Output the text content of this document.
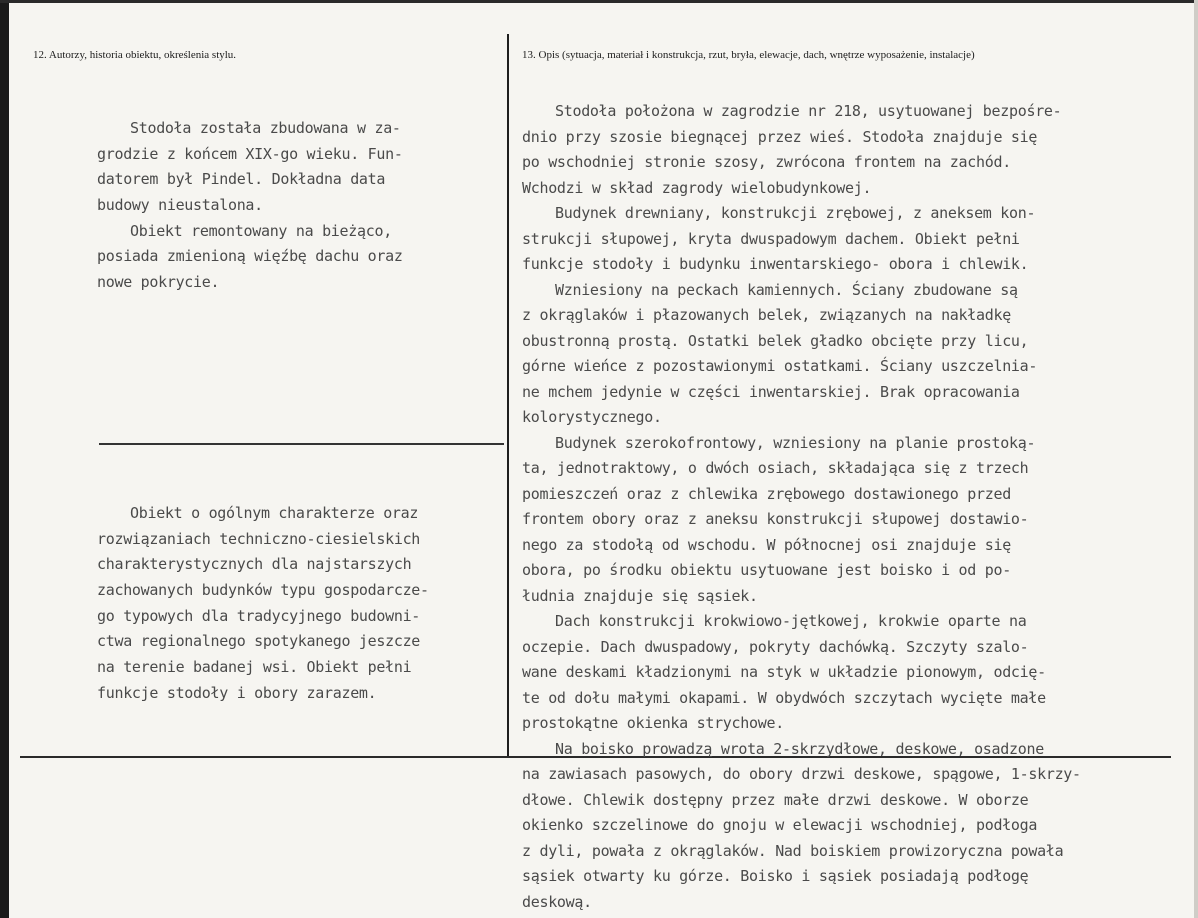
12. Autorzy, historia obiektu, określenia stylu.	13. Opis (sytuacja, materiał i konstrukcja, rzut, bryła, elewacje, dach, wnętrze wyposażenie, instalacje)
Stodoła została zbudowana w za-
grodzie z końcem XIX-go wieku. Fun-
datorem był Pindel. Dokładna data
budowy nieustalona.
Obiekt remontowany na bieżąco,
posiada zmienioną więźbę dachu oraz
nowe pokrycie.
Obiekt o ogólnym charakterze oraz
rozwiązaniach techniczno-ciesielskich
charakterystycznych dla najstarszych
zachowanych budynków typu gospodarcze-
go typowych dla tradycyjnego budowni-
ctwa regionalnego spotykanego jeszcze
na terenie badanej wsi. Obiekt pełni
funkcje stodoły i obory zarazem.
Stodoła położona w zagrodzie nr 218, usytuowanej bezpośre-
dnio przy szosie biegnącej przez wieś. Stodoła znajduje się
po wschodniej stronie szosy, zwrócona frontem na zachód.
Wchodzi w skład zagrody wielobudynkowej.
Budynek drewniany, konstrukcji zrębowej, z aneksem kon-
strukcji słupowej, kryta dwuspadowym dachem. Obiekt pełni
funkcje stodoły i budynku inwentarskiego- obora i chlewik.
Wzniesiony na peckach kamiennych. Ściany zbudowane są
z okrąglaków i płazowanych belek, związanych na nakładkę
obustronną prostą. Ostatki belek gładko obcięte przy licu,
górne wieńce z pozostawionymi ostatkami. Ściany uszczelnia-
ne mchem jedynie w części inwentarskiej. Brak opracowania
kolorystycznego.
Budynek szerokofrontowy, wzniesiony na planie prostoką-
ta, jednotraktowy, o dwóch osiach, składająca się z trzech
pomieszczeń oraz z chlewika zrębowego dostawionego przed
frontem obory oraz z aneksu konstrukcji słupowej dostawio-
nego za stodołą od wschodu. W północnej osi znajduje się
obora, po środku obiektu usytuowane jest boisko i od po-
łudnia znajduje się sąsiek.
Dach konstrukcji krokwiowo-jętkowej, krokwie oparte na
oczepie. Dach dwuspadowy, pokryty dachówką. Szczyty szalo-
wane deskami kładzionymi na styk w układzie pionowym, odcię-
te od dołu małymi okapami. W obydwóch szczytach wycięte małe
prostokątne okienka strychowe.
Na boisko prowadzą wrota 2-skrzydłowe, deskowe, osadzone
na zawiasach pasowych, do obory drzwi deskowe, spągowe, 1-skrzy-
dłowe. Chlewik dostępny przez małe drzwi deskowe. W oborze
okienko szczelinowe do gnoju w elewacji wschodniej, podłoga
z dyli, powała z okrąglaków. Nad boiskiem prowizoryczna powała
sąsiek otwarty ku górze. Boisko i sąsiek posiadają podłogę
deskową.
